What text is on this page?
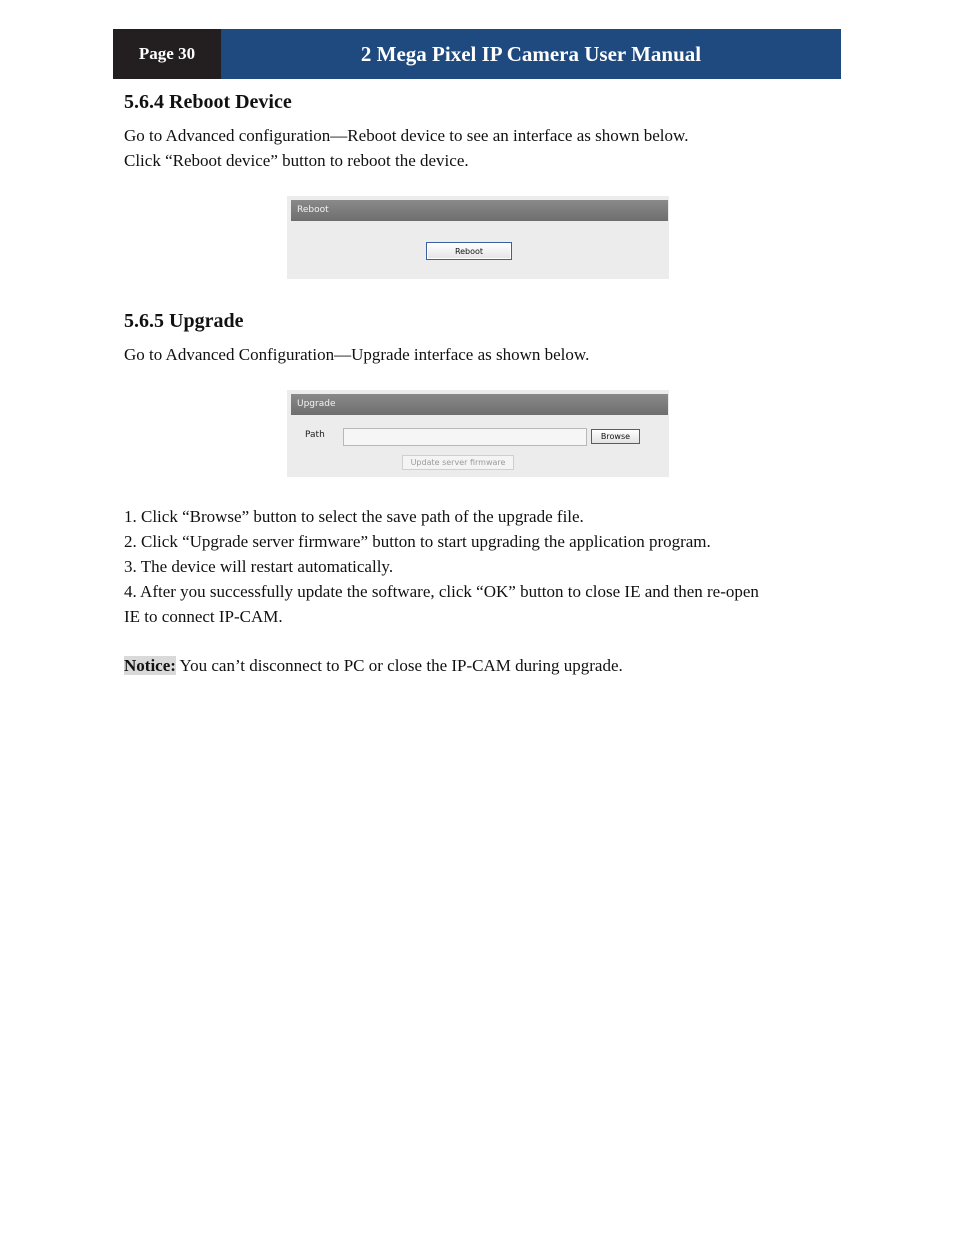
Page 30	2 Mega Pixel IP Camera User Manual
5.6.4 Reboot Device
Go to Advanced configuration—Reboot device to see an interface as shown below.
Click “Reboot device” button to reboot the device.
Reboot
Reboot
5.6.5 Upgrade
Go to Advanced Configuration—Upgrade interface as shown below.
Upgrade
Path	Browse
Update server firmware
1. Click “Browse” button to select the save path of the upgrade file.
2. Click “Upgrade server firmware” button to start upgrading the application program.
3. The device will restart automatically.
4. After you successfully update the software, click “OK” button to close IE and then re-open
IE to connect IP-CAM.
Notice: You can’t disconnect to PC or close the IP-CAM during upgrade.
